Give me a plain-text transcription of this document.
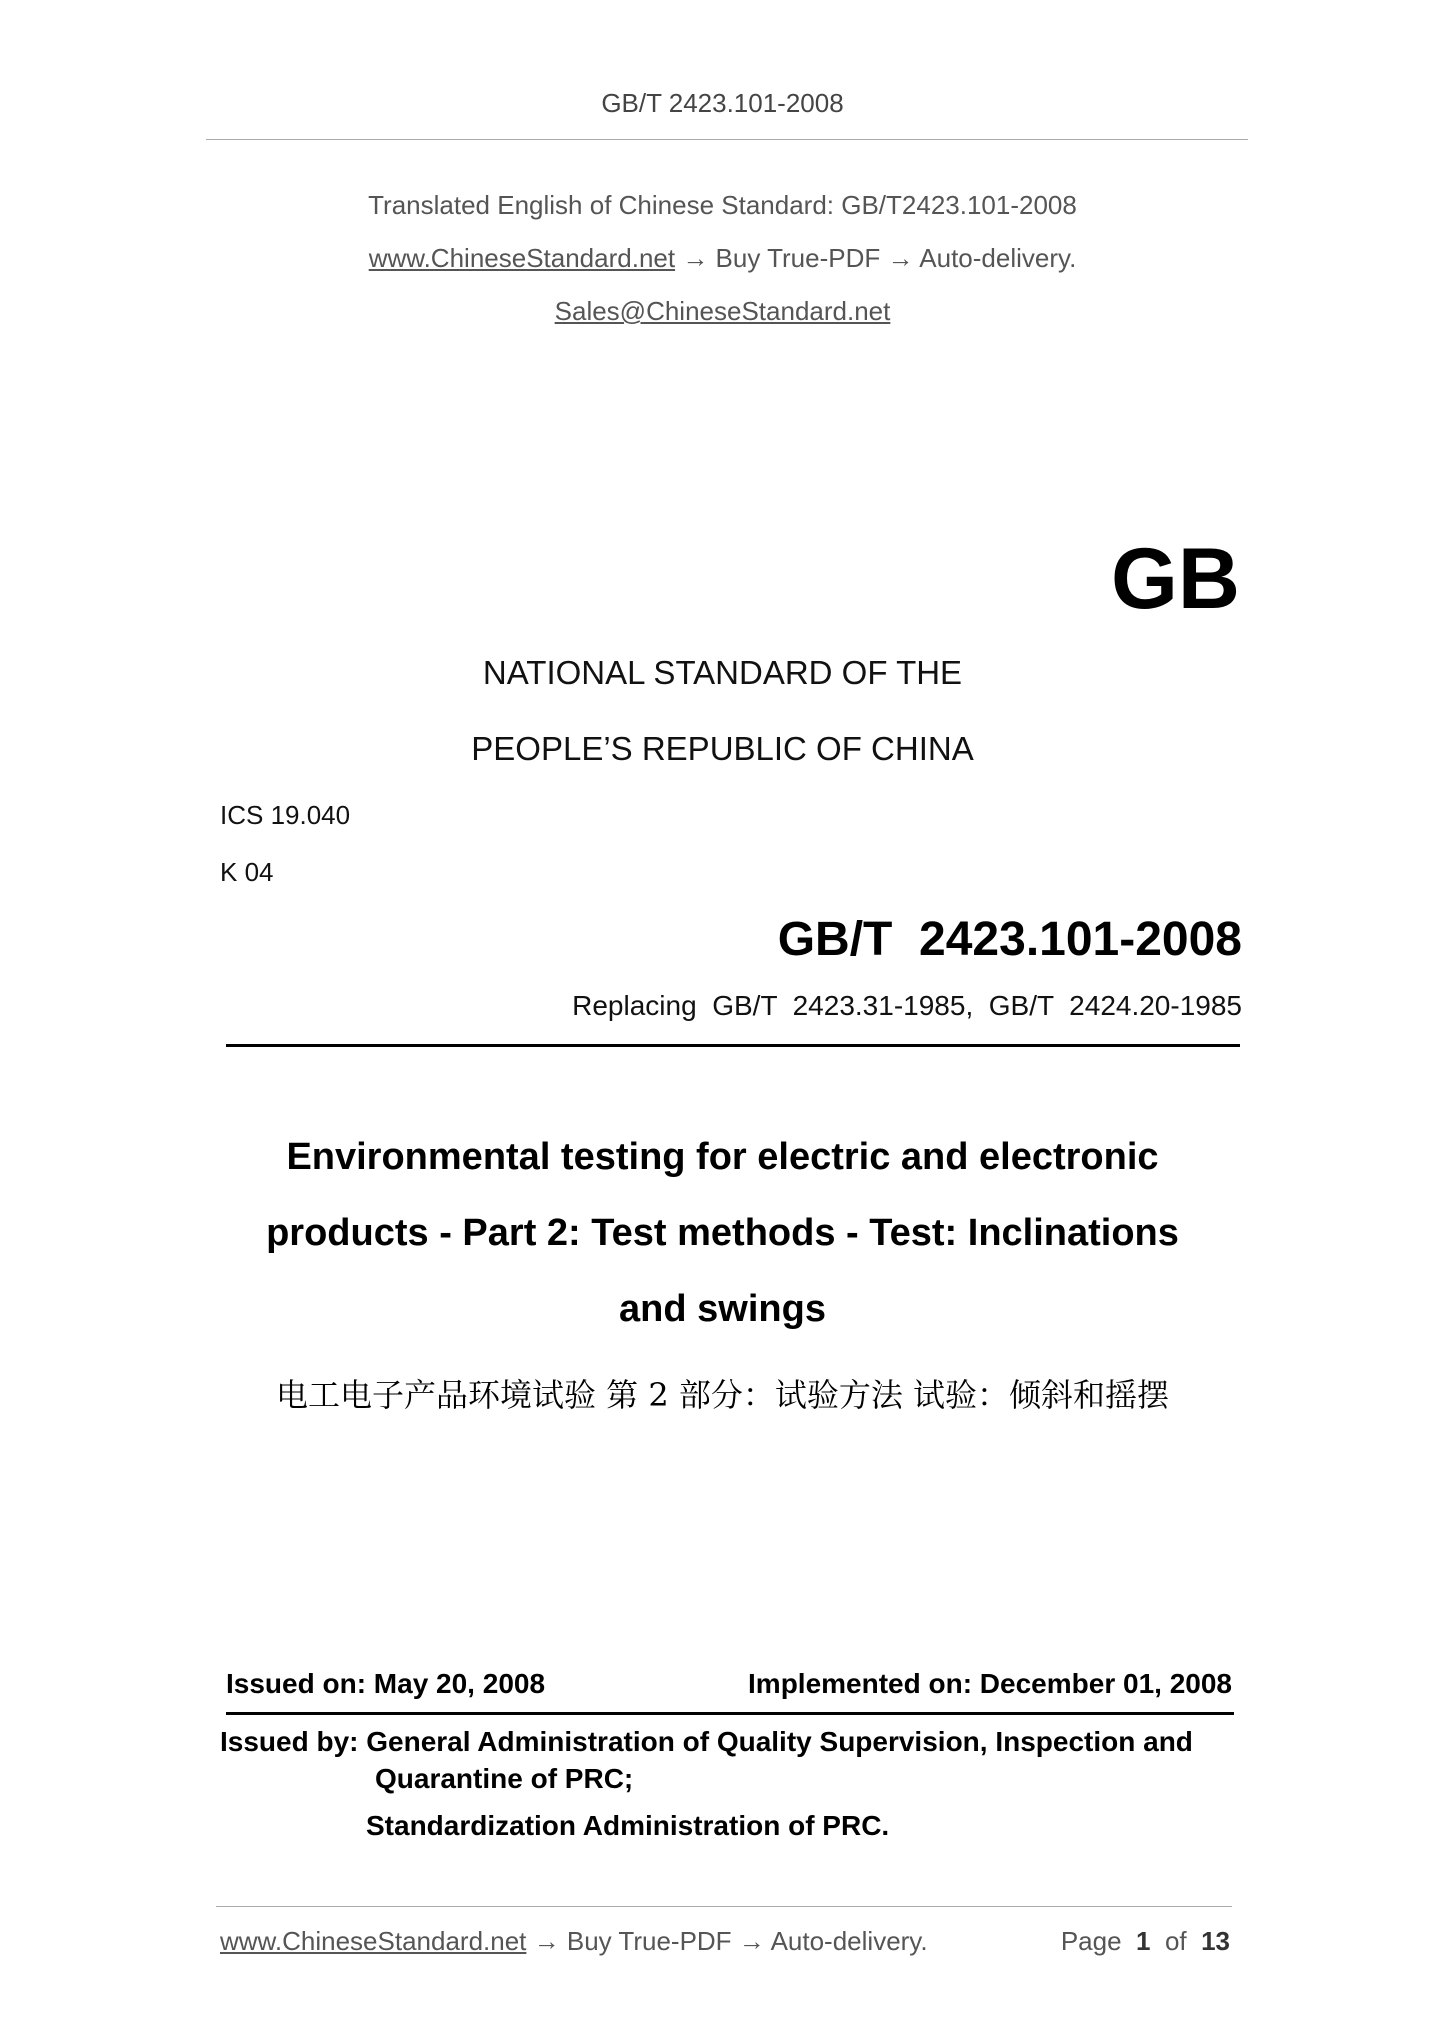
GB/T 2423.101-2008
Translated English of Chinese Standard: GB/T2423.101-2008
www.ChineseStandard.net → Buy True-PDF → Auto-delivery.
Sales@ChineseStandard.net
GB
NATIONAL STANDARD OF THE
PEOPLE’S REPUBLIC OF CHINA
ICS 19.040
K 04
GB/T  2423.101-2008
Replacing  GB/T  2423.31-1985,  GB/T  2424.20-1985
Environmental testing for electric and electronic
products - Part 2: Test methods - Test: Inclinations
and swings
电工电子产品环境试验 第 2 部分：试验方法 试验：倾斜和摇摆
Issued on: May 20, 2008	Implemented on: December 01, 2008
Issued by: General Administration of Quality Supervision, Inspection and
Quarantine of PRC;
Standardization Administration of PRC.
www.ChineseStandard.net → Buy True-PDF → Auto-delivery.	Page 1 of 13
